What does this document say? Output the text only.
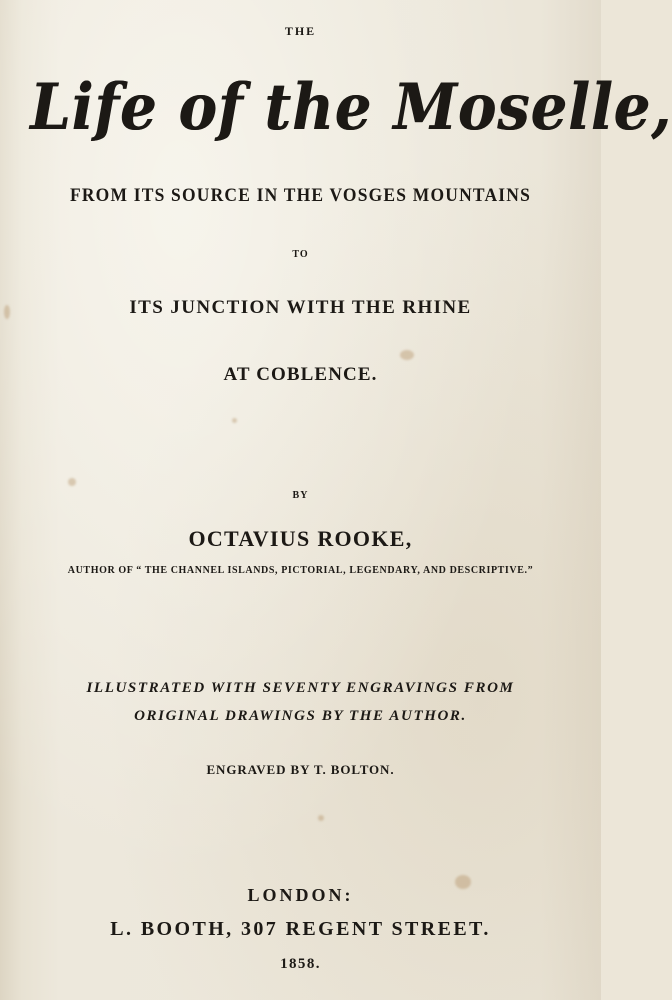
THE
Life of the Moselle,
FROM ITS SOURCE IN THE VOSGES MOUNTAINS
TO
ITS JUNCTION WITH THE RHINE
AT COBLENCE.
BY
OCTAVIUS ROOKE,
AUTHOR OF “ THE CHANNEL ISLANDS, PICTORIAL, LEGENDARY, AND DESCRIPTIVE.”
ILLUSTRATED WITH SEVENTY ENGRAVINGS FROM
ORIGINAL DRAWINGS BY THE AUTHOR.
ENGRAVED BY T. BOLTON.
LONDON:
L. BOOTH, 307 REGENT STREET.
1858.
